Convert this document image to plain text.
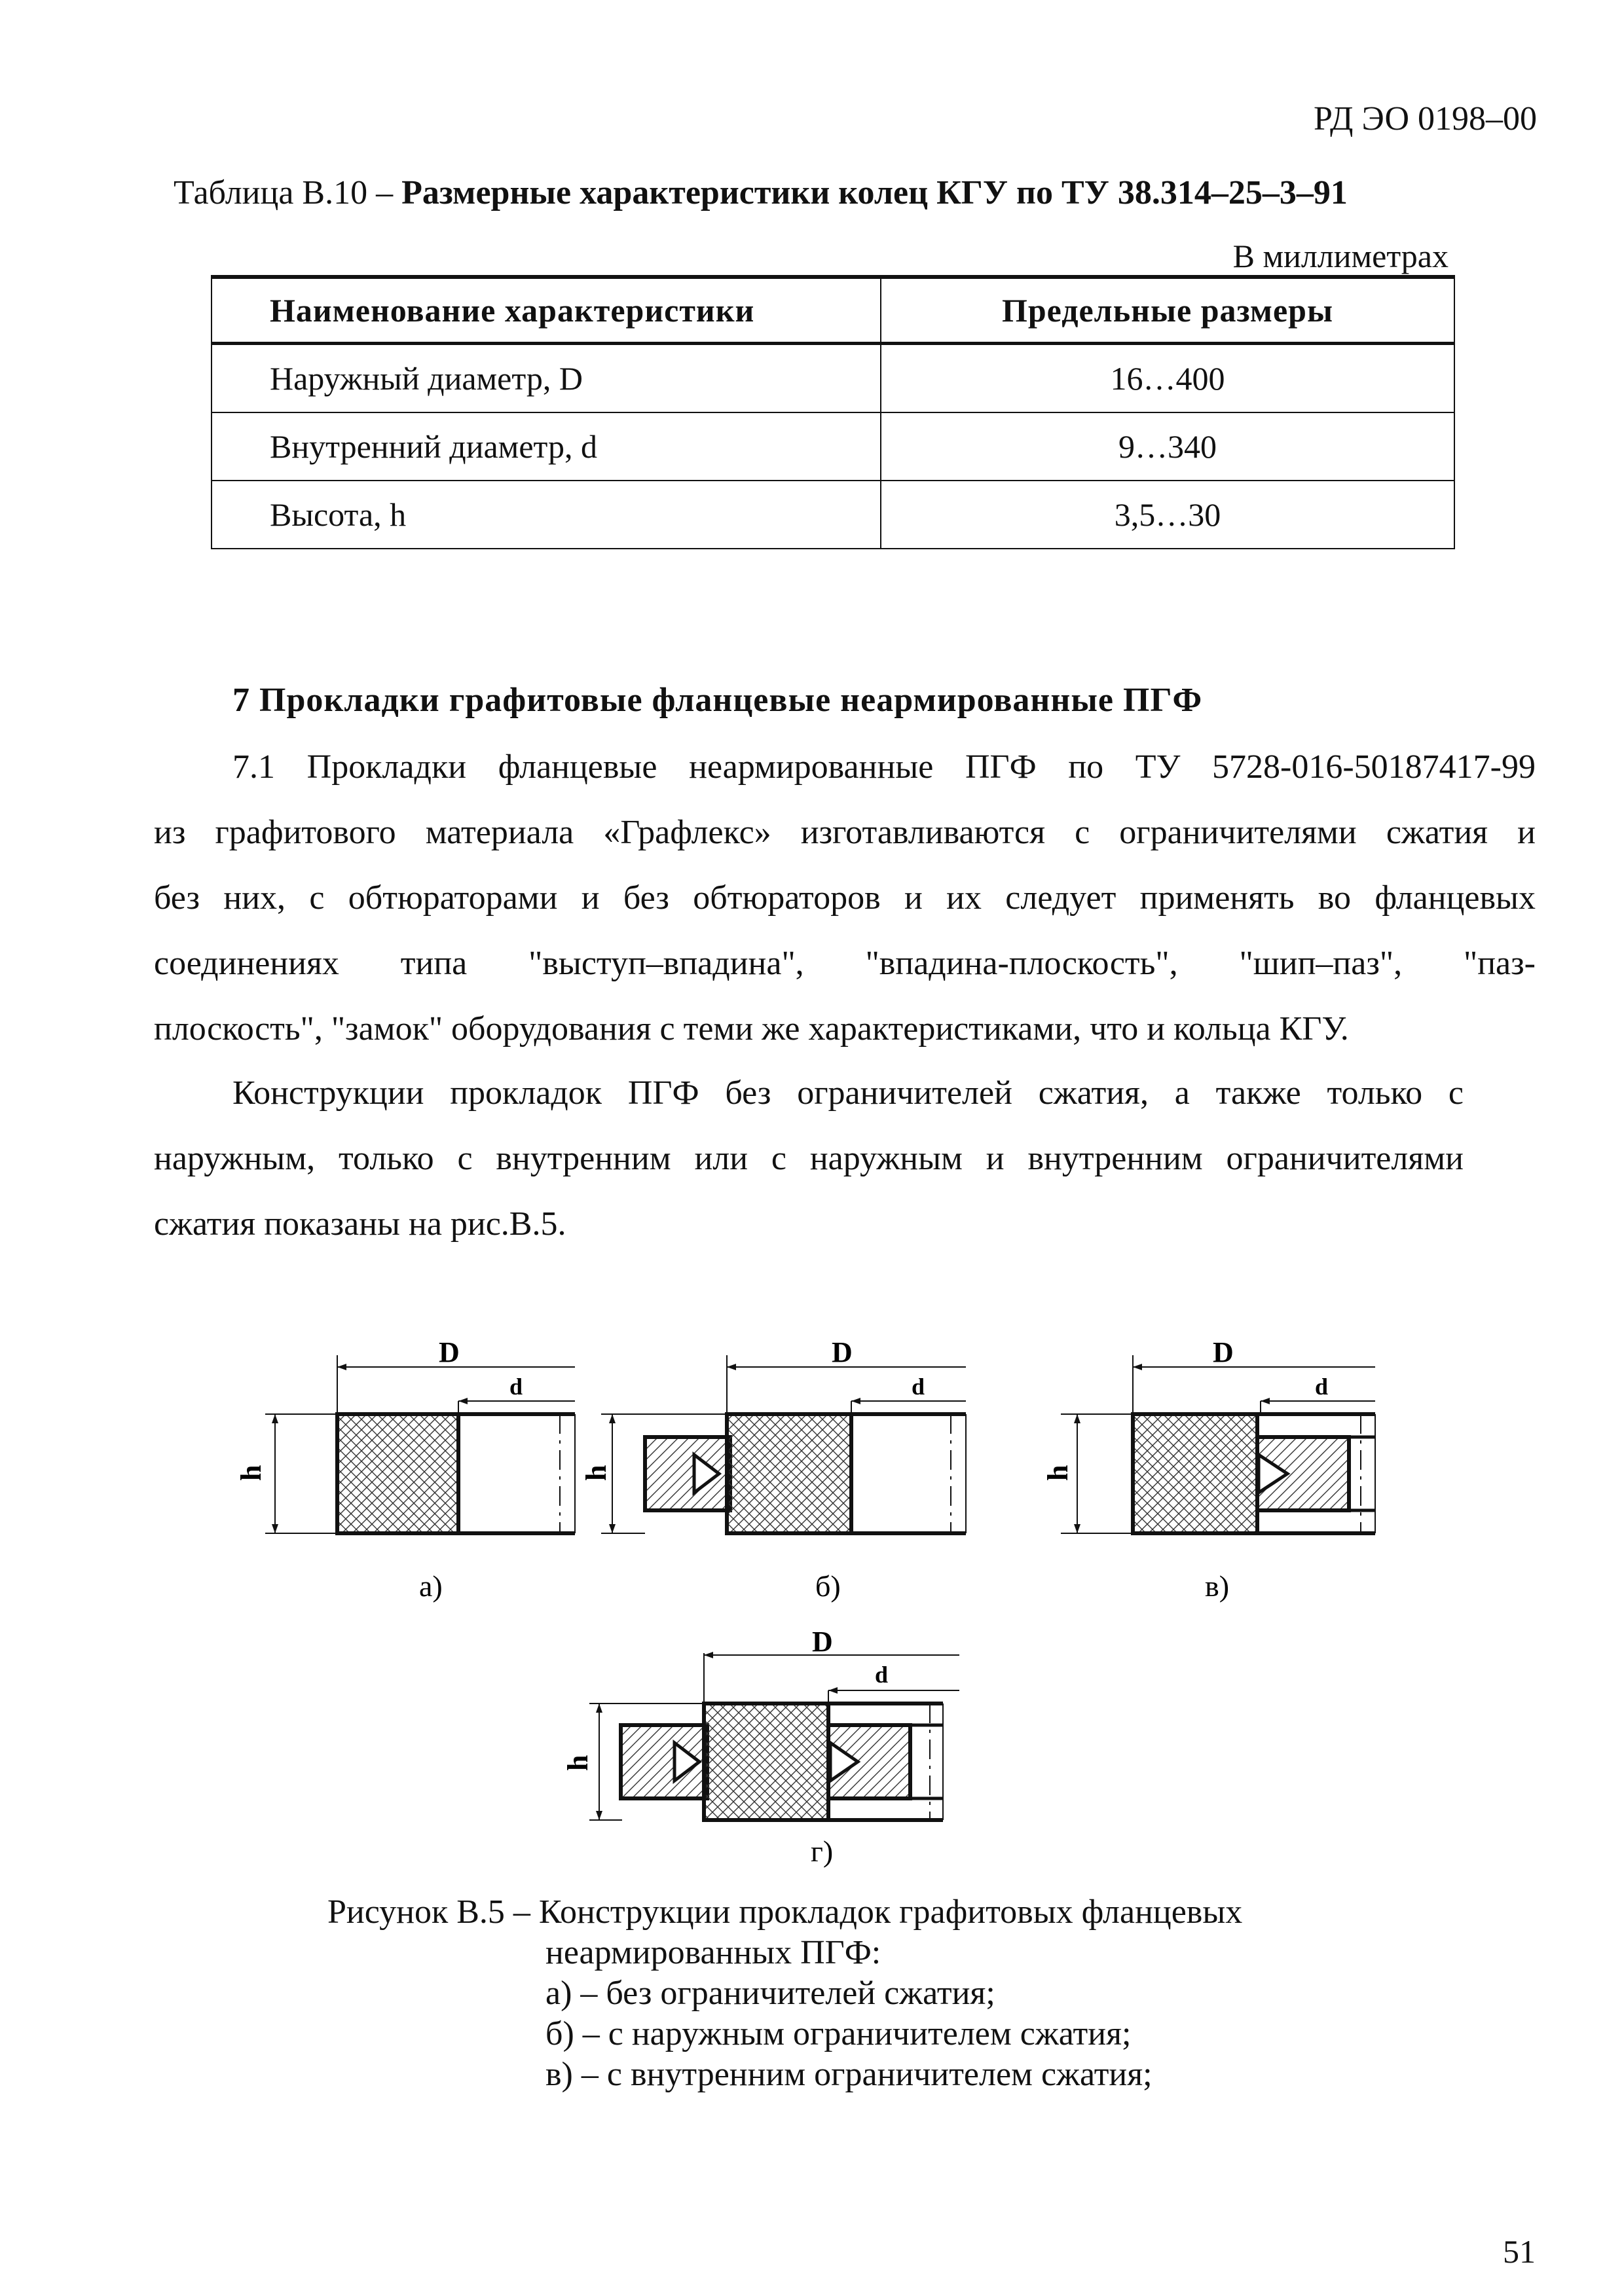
РД ЭО 0198–00
Таблица В.10 – Размерные характеристики колец КГУ по ТУ 38.314–25–3–91
В миллиметрах
Наименование характеристики	Предельные размеры
Наружный диаметр, D	16…400
Внутренний диаметр, d	9…340
Высота, h	3,5…30
7 Прокладки графитовые фланцевые неармированные ПГФ
7.1 Прокладки фланцевые неармированные ПГФ по ТУ 5728-016-50187417-99
из графитового материала «Графлекс» изготавливаются с ограничителями сжатия и
без них, с обтюраторами и без обтюраторов и их следует применять во фланцевых
соединениях типа "выступ–впадина", "впадина-плоскость", "шип–паз", "паз-
плоскость", "замок" оборудования с теми же характеристиками, что и кольца КГУ.
Конструкции прокладок ПГФ без ограничителей сжатия, а также только с
наружным, только с внутренним или с наружным и внутренним ограничителями
сжатия показаны на рис.В.5.
D
d
h
а)
D
d
h
б)
D
d
h
в)
D
d
h
г)
Рисунок В.5 – Конструкции прокладок графитовых фланцевых
неармированных ПГФ:
а) – без ограничителей сжатия;
б) – с наружным ограничителем сжатия;
в) – с внутренним ограничителем сжатия;
51
